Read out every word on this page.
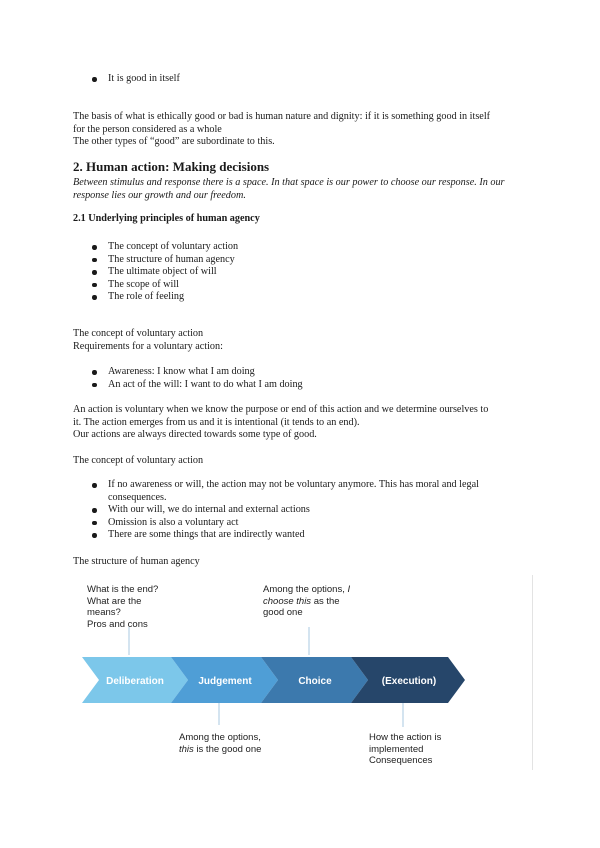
It is good in itself

The basis of what is ethically good or bad is human nature and dignity: if it is something good in itself

for the person considered as a whole

The other types of “good” are subordinate to this.

2. Human action: Making decisions

Between stimulus and response there is a space. In that space is our power to choose our response. In our response lies our growth and our freedom.

2.1 Underlying principles of human agency
The concept of voluntary action
The structure of human agency
The ultimate object of will
The scope of will
The role of feeling

The concept of voluntary action

Requirements for a voluntary action:

Awareness: I know what I am doing
An act of the will: I want to do what I am doing

An action is voluntary when we know the purpose or end of this action and we determine ourselves to

it. The action emerges from us and it is intentional (it tends to an end).

Our actions are always directed towards some type of good.

The concept of voluntary action

If no awareness or will, the action may not be voluntary anymore. This has moral and legal consequences.
With our will, we do internal and external actions
Omission is also a voluntary act
There are some things that are indirectly wanted

The structure of human agency

What is the end?
What are the
means?
Pros and cons

Among the options, I
choose this as the
good one

Deliberation	Judgement	Choice	(Execution)

Among the options,
this is the good one

How the action is
implemented
Consequences
